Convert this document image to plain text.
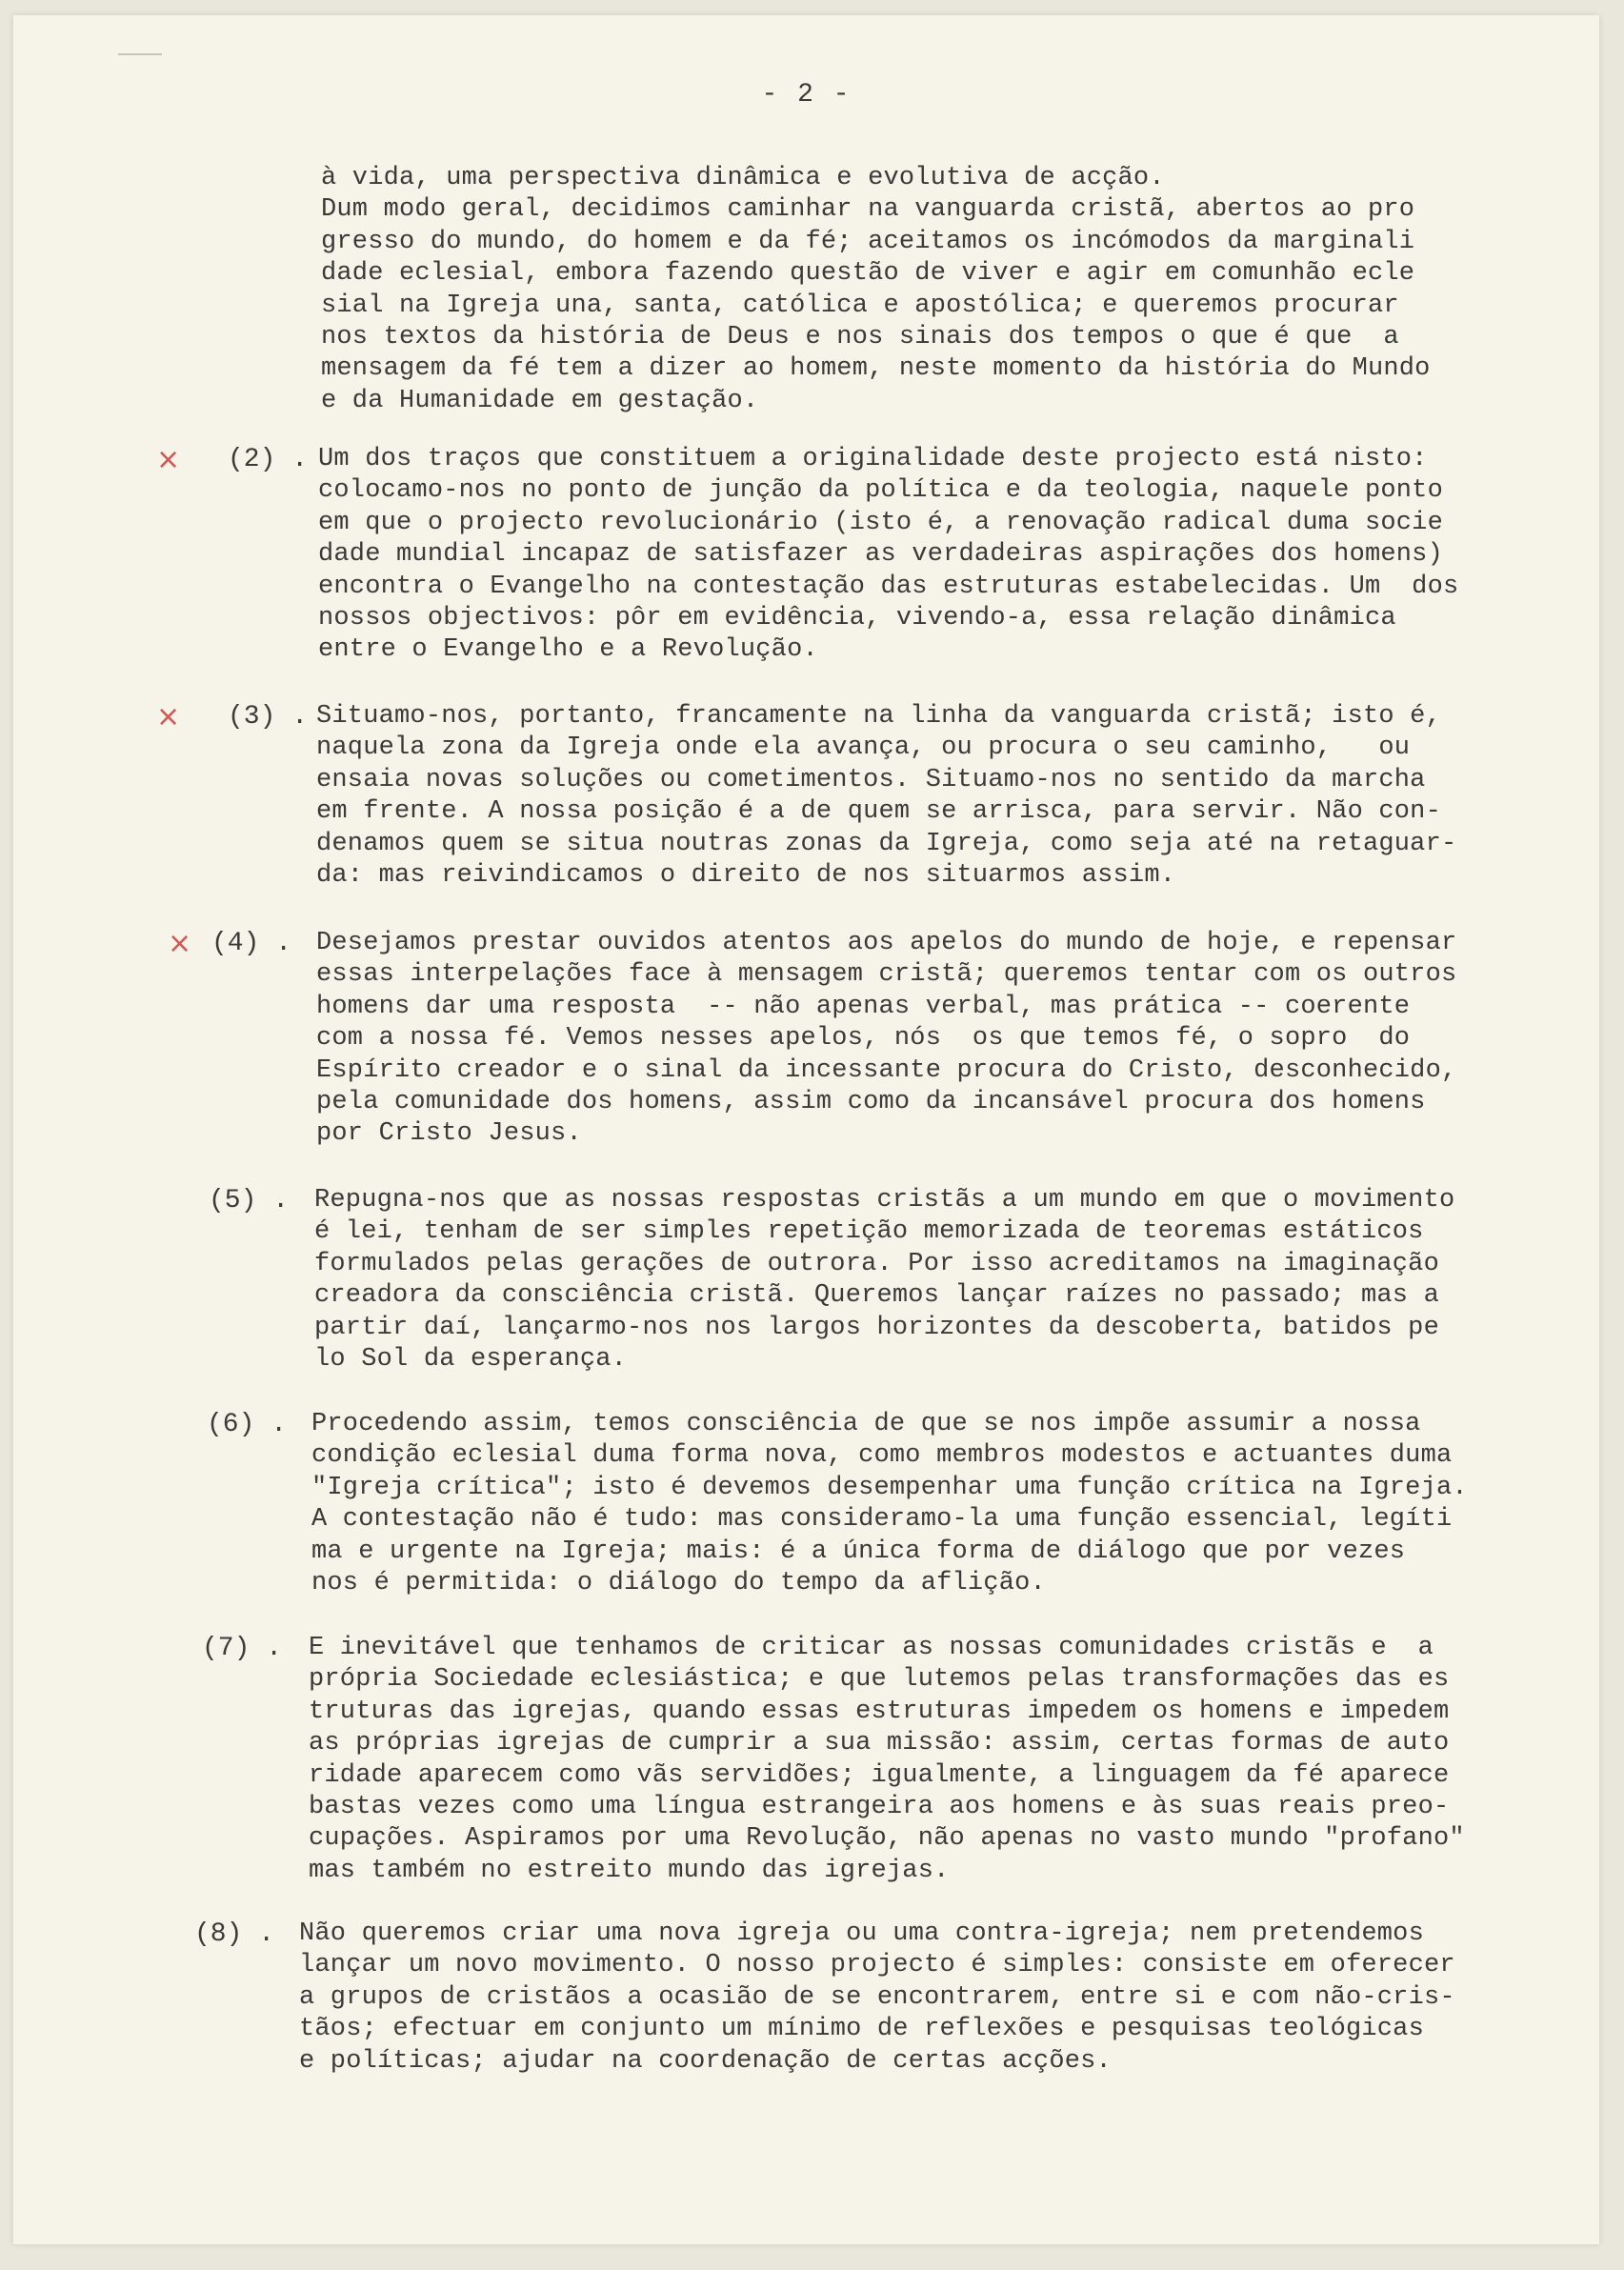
- 2 -

à vida, uma perspectiva dinâmica e evolutiva de acção.
Dum modo geral, decidimos caminhar na vanguarda cristã, abertos ao pro
gresso do mundo, do homem e da fé; aceitamos os incómodos da marginali
dade eclesial, embora fazendo questão de viver e agir em comunhão ecle
sial na Igreja una, santa, católica e apostólica; e queremos procurar
nos textos da história de Deus e nos sinais dos tempos o que é que  a
mensagem da fé tem a dizer ao homem, neste momento da história do Mundo
e da Humanidade em gestação.

× (2) . Um dos traços que constituem a originalidade deste projecto está nisto:
colocamo-nos no ponto de junção da política e da teologia, naquele ponto
em que o projecto revolucionário (isto é, a renovação radical duma socie
dade mundial incapaz de satisfazer as verdadeiras aspirações dos homens)
encontra o Evangelho na contestação das estruturas estabelecidas. Um  dos
nossos objectivos: pôr em evidência, vivendo-a, essa relação dinâmica
entre o Evangelho e a Revolução.

× (3) . Situamo-nos, portanto, francamente na linha da vanguarda cristã; isto é,
naquela zona da Igreja onde ela avança, ou procura o seu caminho,   ou
ensaia novas soluções ou cometimentos. Situamo-nos no sentido da marcha
em frente. A nossa posição é a de quem se arrisca, para servir. Não con-
denamos quem se situa noutras zonas da Igreja, como seja até na retaguar-
da: mas reivindicamos o direito de nos situarmos assim.

× (4) . Desejamos prestar ouvidos atentos aos apelos do mundo de hoje, e repensar
essas interpelações face à mensagem cristã; queremos tentar com os outros
homens dar uma resposta  -- não apenas verbal, mas prática -- coerente
com a nossa fé. Vemos nesses apelos, nós  os que temos fé, o sopro  do
Espírito creador e o sinal da incessante procura do Cristo, desconhecido,
pela comunidade dos homens, assim como da incansável procura dos homens
por Cristo Jesus.

(5) . Repugna-nos que as nossas respostas cristãs a um mundo em que o movimento
é lei, tenham de ser simples repetição memorizada de teoremas estáticos
formulados pelas gerações de outrora. Por isso acreditamos na imaginação
creadora da consciência cristã. Queremos lançar raízes no passado; mas a
partir daí, lançarmo-nos nos largos horizontes da descoberta, batidos pe
lo Sol da esperança.

(6) . Procedendo assim, temos consciência de que se nos impõe assumir a nossa
condição eclesial duma forma nova, como membros modestos e actuantes duma
"Igreja crítica"; isto é devemos desempenhar uma função crítica na Igreja.
A contestação não é tudo: mas consideramo-la uma função essencial, legíti
ma e urgente na Igreja; mais: é a única forma de diálogo que por vezes
nos é permitida: o diálogo do tempo da aflição.

(7) . E inevitável que tenhamos de criticar as nossas comunidades cristãs e  a
própria Sociedade eclesiástica; e que lutemos pelas transformações das es
truturas das igrejas, quando essas estruturas impedem os homens e impedem
as próprias igrejas de cumprir a sua missão: assim, certas formas de auto
ridade aparecem como vãs servidões; igualmente, a linguagem da fé aparece
bastas vezes como uma língua estrangeira aos homens e às suas reais preo-
cupações. Aspiramos por uma Revolução, não apenas no vasto mundo "profano"
mas também no estreito mundo das igrejas.

(8) . Não queremos criar uma nova igreja ou uma contra-igreja; nem pretendemos
lançar um novo movimento. O nosso projecto é simples: consiste em oferecer
a grupos de cristãos a ocasião de se encontrarem, entre si e com não-cris-
tãos; efectuar em conjunto um mínimo de reflexões e pesquisas teológicas
e políticas; ajudar na coordenação de certas acções.
